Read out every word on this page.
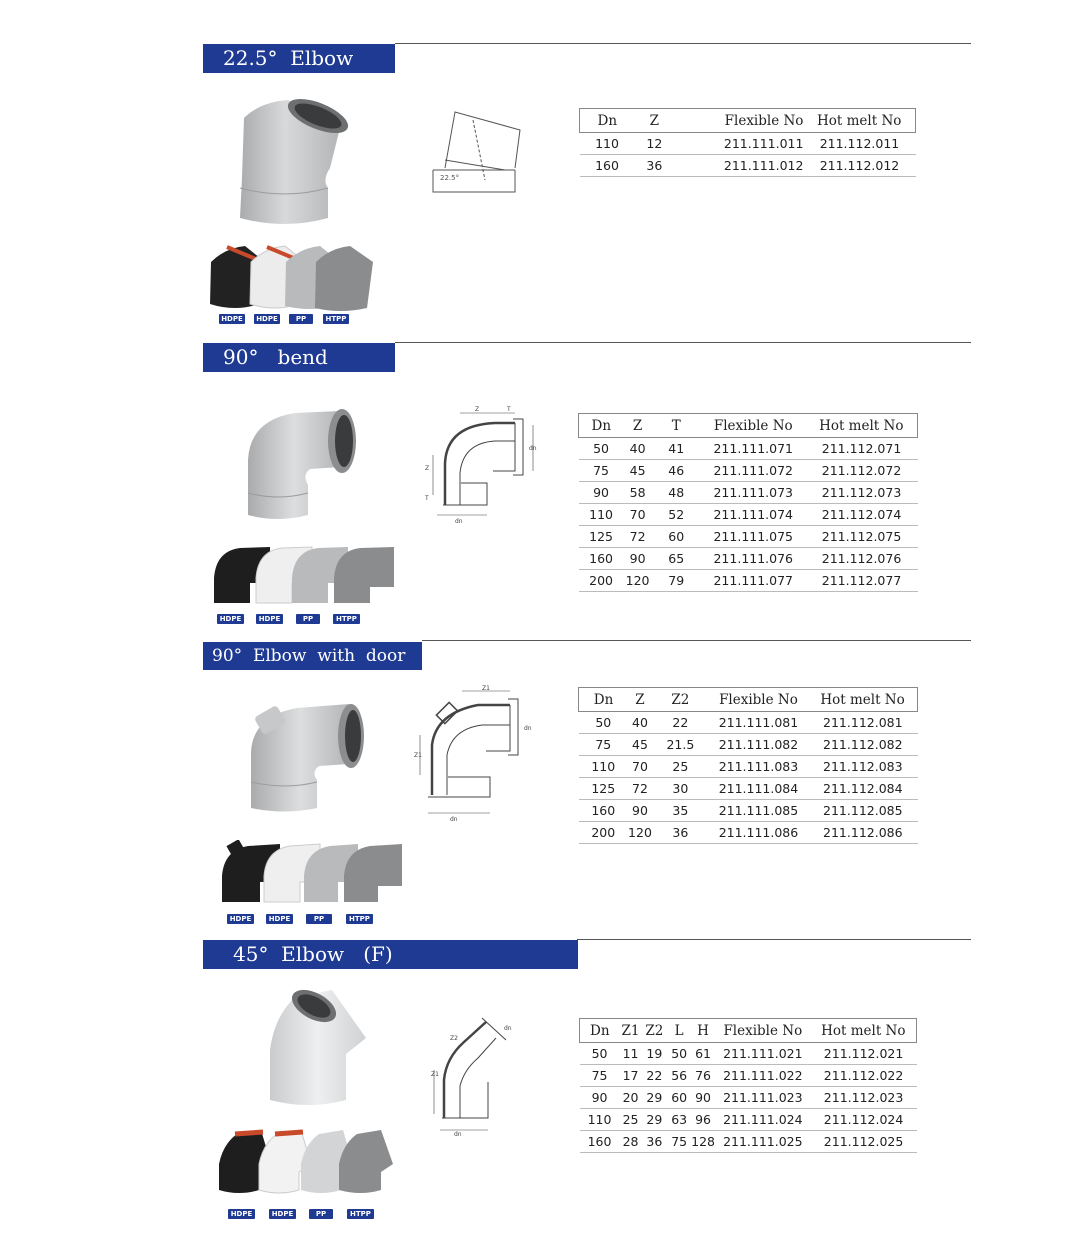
22.5°  Elbow
22.5°
HDPE	HDPE	PP	HTPP
Dn	Z	Flexible No	Hot melt No
110	12	211.111.011	211.112.011
160	36	211.111.012	211.112.012
90°   bend
Z	T
Z
T
dn
dn
HDPE	HDPE	PP	HTPP
Dn	Z	T	Flexible No	Hot melt No
50	40	41	211.111.071	211.112.071
75	45	46	211.111.072	211.112.072
90	58	48	211.111.073	211.112.073
110	70	52	211.111.074	211.112.074
125	72	60	211.111.075	211.112.075
160	90	65	211.111.076	211.112.076
200	120	79	211.111.077	211.112.077
90°  Elbow  with  door
Z1
Z1
dn
dn
HDPE	HDPE	PP	HTPP
Dn	Z	Z2	Flexible No	Hot melt No
50	40	22	211.111.081	211.112.081
75	45	21.5	211.111.082	211.112.082
110	70	25	211.111.083	211.112.083
125	72	30	211.111.084	211.112.084
160	90	35	211.111.085	211.112.085
200	120	36	211.111.086	211.112.086
45°  Elbow   (F)
Z2
dn
Z1
dn
HDPE	HDPE	PP	HTPP
Dn	Z1	Z2	L	H	Flexible No	Hot melt No
50	11	19	50	61	211.111.021	211.112.021
75	17	22	56	76	211.111.022	211.112.022
90	20	29	60	90	211.111.023	211.112.023
110	25	29	63	96	211.111.024	211.112.024
160	28	36	75	128	211.111.025	211.112.025
